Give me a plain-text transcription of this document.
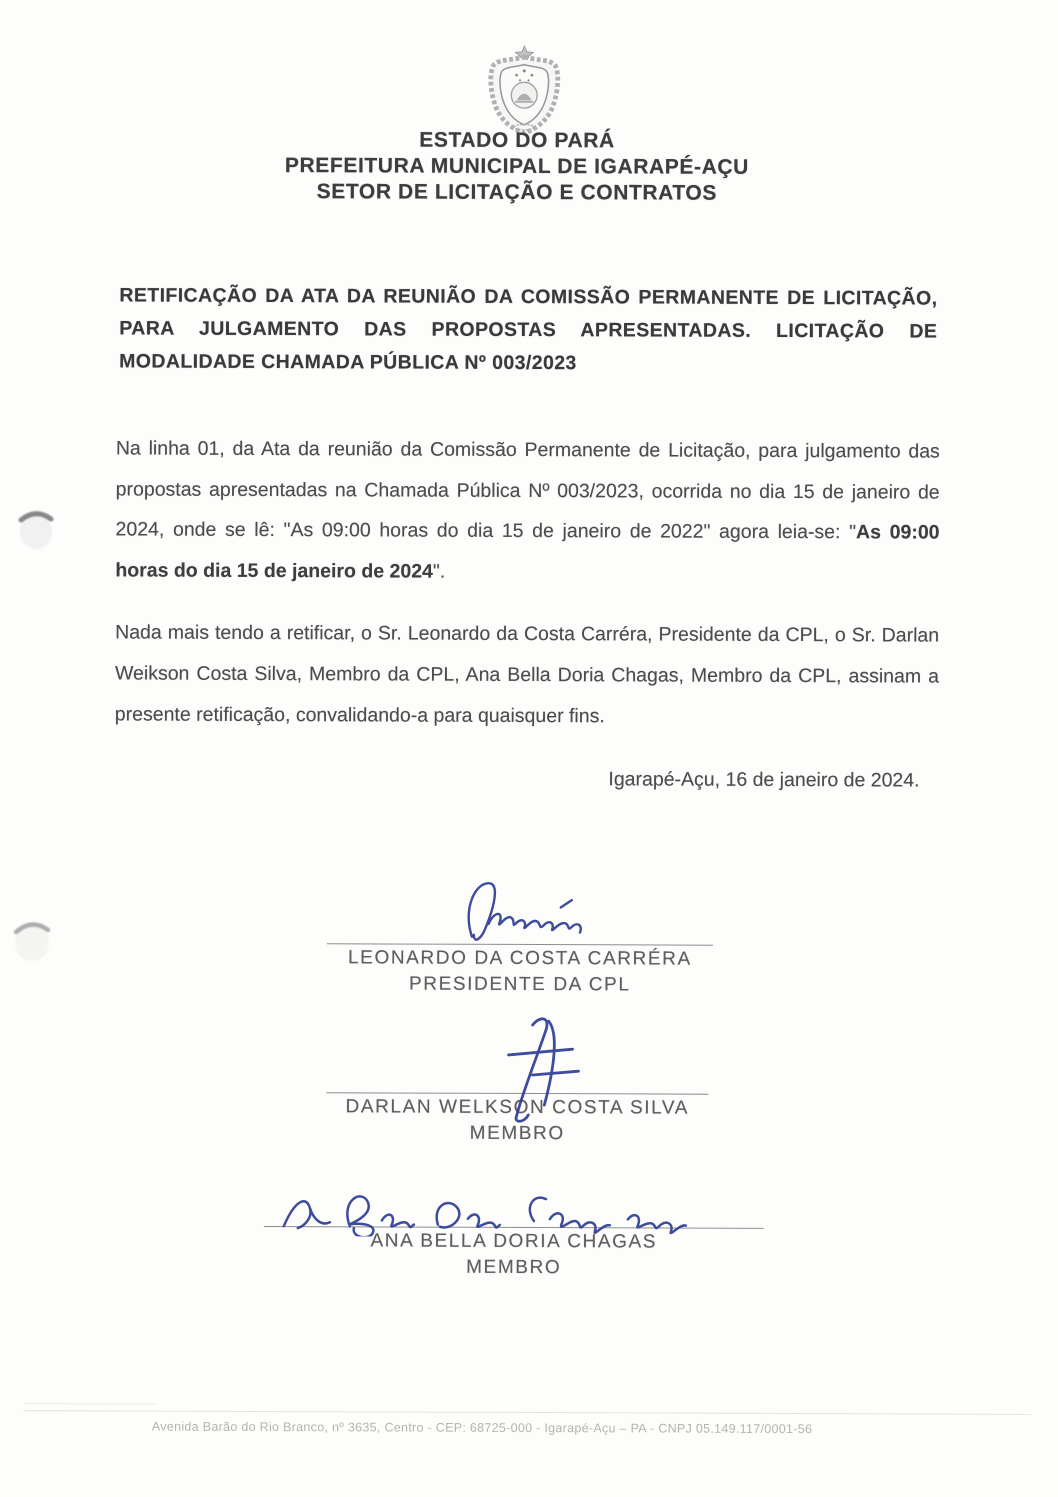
ESTADO DO PARÁ
PREFEITURA MUNICIPAL DE IGARAPÉ-AÇU
SETOR DE LICITAÇÃO E CONTRATOS
RETIFICAÇÃO DA ATA DA REUNIÃO DA COMISSÃO PERMANENTE DE LICITAÇÃO, PARA JULGAMENTO DAS PROPOSTAS APRESENTADAS. LICITAÇÃO DE MODALIDADE CHAMADA PÚBLICA Nº 003/2023

Na linha 01, da Ata da reunião da Comissão Permanente de Licitação, para julgamento das propostas apresentadas na Chamada Pública Nº 003/2023, ocorrida no dia 15 de janeiro de 2024, onde se lê: "As 09:00 horas do dia 15 de janeiro de 2022" agora leia-se: "As 09:00 horas do dia 15 de janeiro de 2024".

Nada mais tendo a retificar, o Sr. Leonardo da Costa Carréra, Presidente da CPL, o Sr. Darlan Weikson Costa Silva, Membro da CPL, Ana Bella Doria Chagas, Membro da CPL, assinam a presente retificação, convalidando-a para quaisquer fins.

Igarapé-Açu, 16 de janeiro de 2024.
LEONARDO DA COSTA CARRÉRA
PRESIDENTE DA CPL
DARLAN WELKSON COSTA SILVA
MEMBRO
ANA BELLA DORIA CHAGAS
MEMBRO
Avenida Barão do Rio Branco, nº 3635, Centro - CEP: 68725-000 - Igarapé-Açu – PA - CNPJ 05.149.117/0001-56
